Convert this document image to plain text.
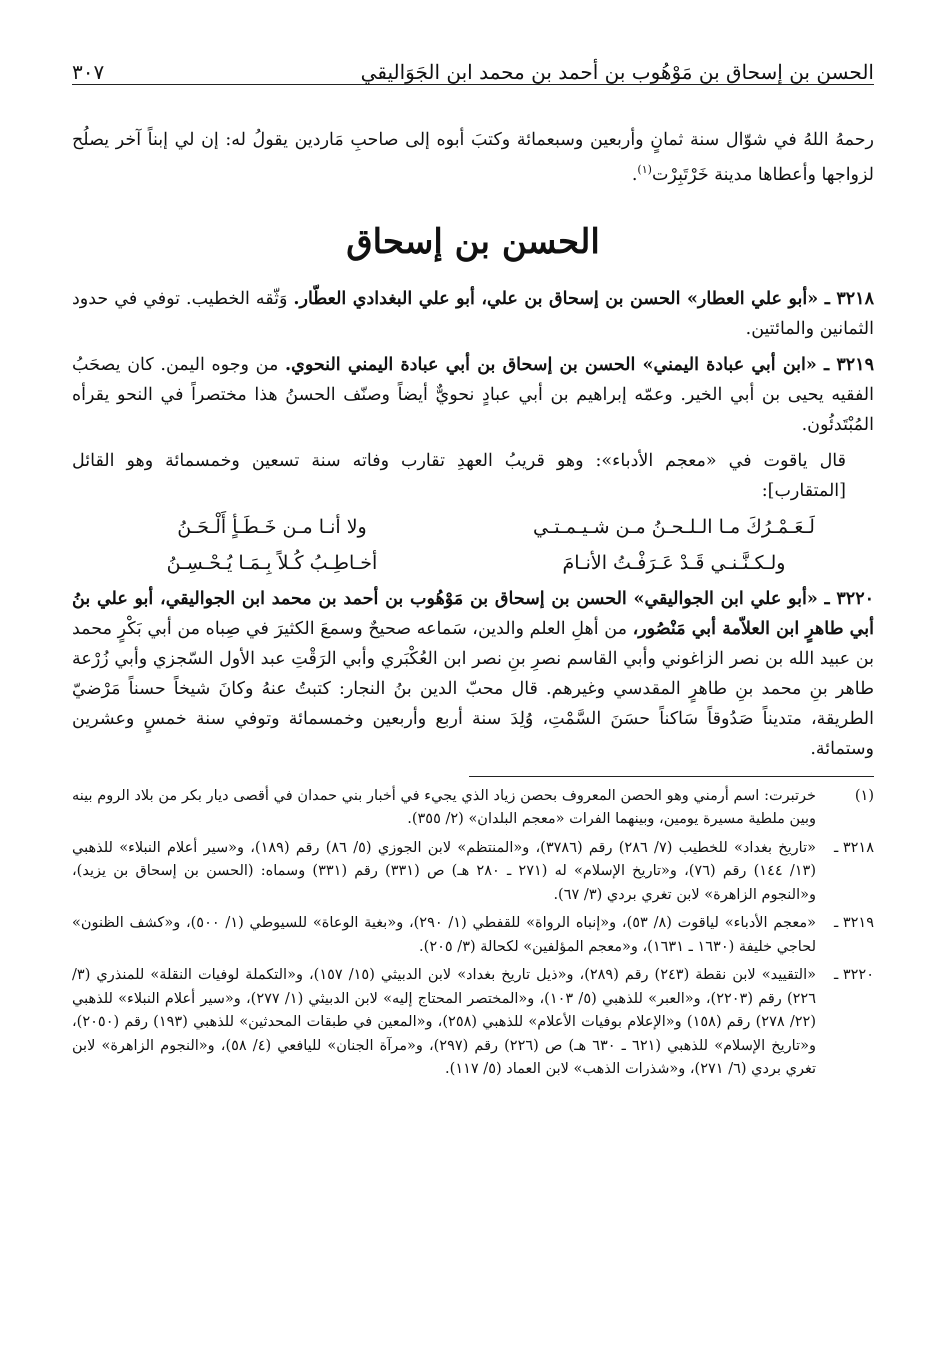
الحسن بن إسحاق بن مَوْهُوب بن أحمد بن محمد ابن الجَوَاليقي
٣٠٧

رحمهُ اللهُ في شوّال سنة ثمانٍ وأربعين وسبعمائة وكتبَ أبوه إلى صاحبِ مَاردين يقولُ له: إن لي إبناً آخر يصلُح لزواجها وأعطاها مدينة خَرْتَبِرْت$^{(١)}$.

الحسن بن إسحاق

٣٢١٨ ـ «أبو علي العطار» الحسن بن إسحاق بن علي، أبو علي البغدادي العطّار. وَثّقه الخطيب. توفي في حدود الثمانين والمائتين.

٣٢١٩ ـ «ابن أبي عبادة اليمني» الحسن بن إسحاق بن أبي عبادة اليمني النحوي. من وجوه اليمن. كان يصحَبُ الفقيه يحيى بن أبي الخير. وعمّه إبراهيم بن أبي عبادٍ نحويٌّ أيضاً وصنّف الحسنُ هذا مختصراً في النحو يقرأه المُبْتَدئُون.

قال ياقوت في «معجم الأدباء»: وهو قريبُ العهدِ تقارب وفاته سنة تسعين وخمسمائة وهو القائل [المتقارب]:

لَـعَـمْـرُكَ مـا الـلـحـنُ مـن شـيـمـتـي
ولا أنـا مـن خَـطَـأٍ أَلْـحَـنُ
ولـكـنَّـنـي قَـدْ عَـرَفْـتُ الأنـامَ
أخـاطِـبُ كُـلاً بِـمَـا يُـحْـسِـنُ

٣٢٢٠ ـ «أبو علي ابن الجواليقي» الحسن بن إسحاق بن مَوْهُوب بن أحمد بن محمد ابن الجواليقي، أبو علي بنُ أبي طاهرٍ ابن العلاّمة أبي مَنْصُور، من أهلِ العلم والدين، سَماعه صحيحٌ وسمعَ الكثيرَ في صِباه من أبي بَكْرٍ محمد بن عبيد الله بن نصر الزاغوني وأبي القاسم نصرِ بنِ نصر ابن العُكْبَري وأبي الرَقْتِ عبد الأول السّجزي وأبي زُرْعة طاهر بنِ محمد بنِ طاهرٍ المقدسي وغيرهم. قال محبّ الدين بنُ النجار: كتبتُ عنهُ وكانَ شيخاً حسناً مَرْضيّ الطريقة، متديناً صَدُوقاً سَاكناً حسَنَ السَّمْتِ، وُلِدَ سنة أربع وأربعين وخمسمائة وتوفي سنة خمسٍ وعشرين وستمائة.

(١)
خرتبرت: اسم أرمني وهو الحصن المعروف بحصن زياد الذي يجيء في أخبار بني حمدان في أقصى ديار بكر من بلاد الروم بينه وبين ملطية مسيرة يومين، وبينهما الفرات «معجم البلدان» (٢/ ٣٥٥).
٣٢١٨ ـ
«تاريخ بغداد» للخطيب (٧/ ٢٨٦) رقم (٣٧٨٦)، و«المنتظم» لابن الجوزي (٥/ ٨٦) رقم (١٨٩)، و«سير أعلام النبلاء» للذهبي (١٣/ ١٤٤) رقم (٧٦)، و«تاريخ الإسلام» له (٢٧١ ـ ٢٨٠ هـ) ص (٣٣١) رقم (٣٣١) وسماه: (الحسن بن إسحاق بن يزيد)، و«النجوم الزاهرة» لابن تغري بردي (٣/ ٦٧).
٣٢١٩ ـ
«معجم الأدباء» لياقوت (٨/ ٥٣)، و«إنباه الرواة» للقفطي (١/ ٢٩٠)، و«بغية الوعاة» للسيوطي (١/ ٥٠٠)، و«كشف الظنون» لحاجي خليفة (١٦٣٠ ـ ١٦٣١)، و«معجم المؤلفين» لكحالة (٣/ ٢٠٥).
٣٢٢٠ ـ
«التقييد» لابن نقطة (٢٤٣) رقم (٢٨٩)، و«ذيل تاريخ بغداد» لابن الدبيثي (١٥/ ١٥٧)، و«التكملة لوفيات النقلة» للمنذري (٣/ ٢٢٦) رقم (٢٢٠٣)، و«العبر» للذهبي (٥/ ١٠٣)، و«المختصر المحتاج إليه» لابن الدبيثي (١/ ٢٧٧)، و«سير أعلام النبلاء» للذهبي (٢٢/ ٢٧٨) رقم (١٥٨) و«الإعلام بوفيات الأعلام» للذهبي (٢٥٨)، و«المعين في طبقات المحدثين» للذهبي (١٩٣) رقم (٢٠٥٠)، و«تاريخ الإسلام» للذهبي (٦٢١ ـ ٦٣٠ هـ) ص (٢٢٦) رقم (٢٩٧)، و«مرآة الجنان» لليافعي (٤/ ٥٨)، و«النجوم الزاهرة» لابن تغري بردي (٦/ ٢٧١)، و«شذرات الذهب» لابن العماد (٥/ ١١٧).
